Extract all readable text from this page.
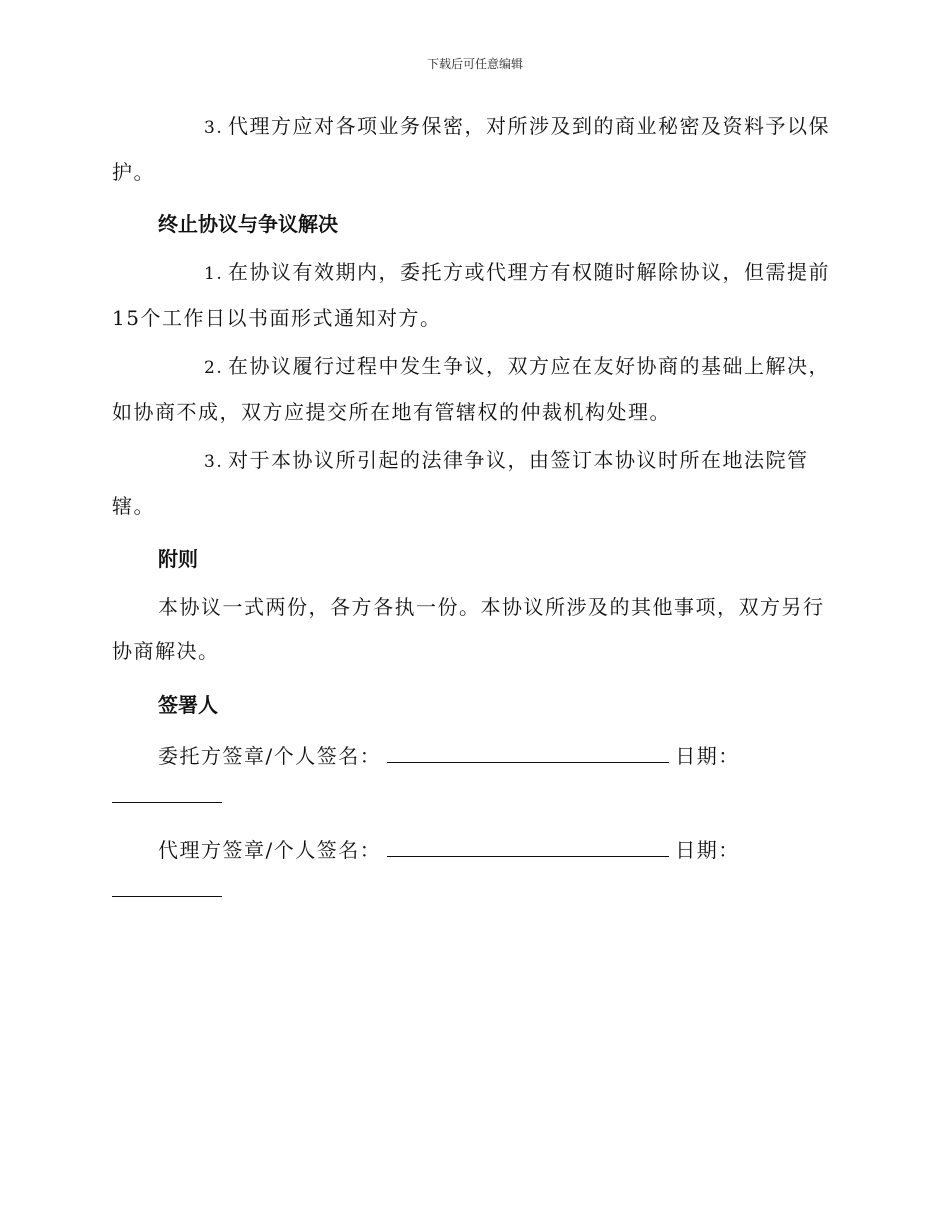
下载后可任意编辑
3. 代理方应对各项业务保密，对所涉及到的商业秘密及资料予以保护。
终止协议与争议解决
1. 在协议有效期内，委托方或代理方有权随时解除协议，但需提前15个工作日以书面形式通知对方。
2. 在协议履行过程中发生争议，双方应在友好协商的基础上解决，如协商不成，双方应提交所在地有管辖权的仲裁机构处理。
3. 对于本协议所引起的法律争议，由签订本协议时所在地法院管辖。
附则
本协议一式两份，各方各执一份。本协议所涉及的其他事项，双方另行协商解决。
签署人
委托方签章/个人签名：	日期：
代理方签章/个人签名：	日期：
